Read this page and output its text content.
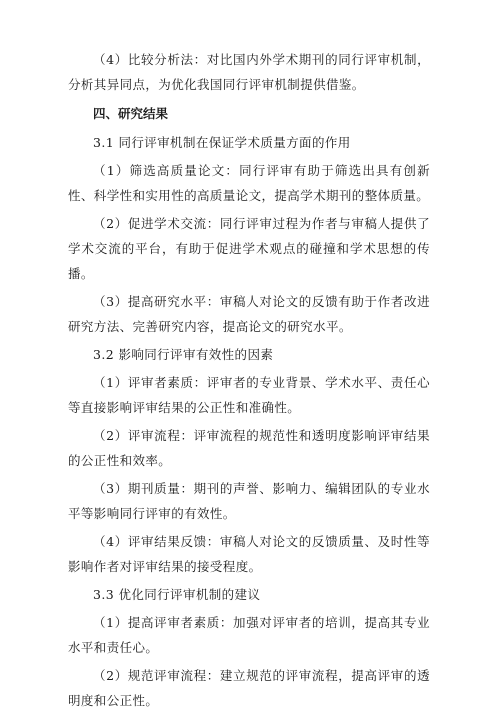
（4）比较分析法：对比国内外学术期刊的同行评审机制，分析其异同点，为优化我国同行评审机制提供借鉴。

四、研究结果

3.1 同行评审机制在保证学术质量方面的作用

（1）筛选高质量论文：同行评审有助于筛选出具有创新性、科学性和实用性的高质量论文，提高学术期刊的整体质量。

（2）促进学术交流：同行评审过程为作者与审稿人提供了学术交流的平台，有助于促进学术观点的碰撞和学术思想的传播。

（3）提高研究水平：审稿人对论文的反馈有助于作者改进研究方法、完善研究内容，提高论文的研究水平。

3.2 影响同行评审有效性的因素

（1）评审者素质：评审者的专业背景、学术水平、责任心等直接影响评审结果的公正性和准确性。

（2）评审流程：评审流程的规范性和透明度影响评审结果的公正性和效率。

（3）期刊质量：期刊的声誉、影响力、编辑团队的专业水平等影响同行评审的有效性。

（4）评审结果反馈：审稿人对论文的反馈质量、及时性等影响作者对评审结果的接受程度。

3.3 优化同行评审机制的建议

（1）提高评审者素质：加强对评审者的培训，提高其专业水平和责任心。

（2）规范评审流程：建立规范的评审流程，提高评审的透明度和公正性。
